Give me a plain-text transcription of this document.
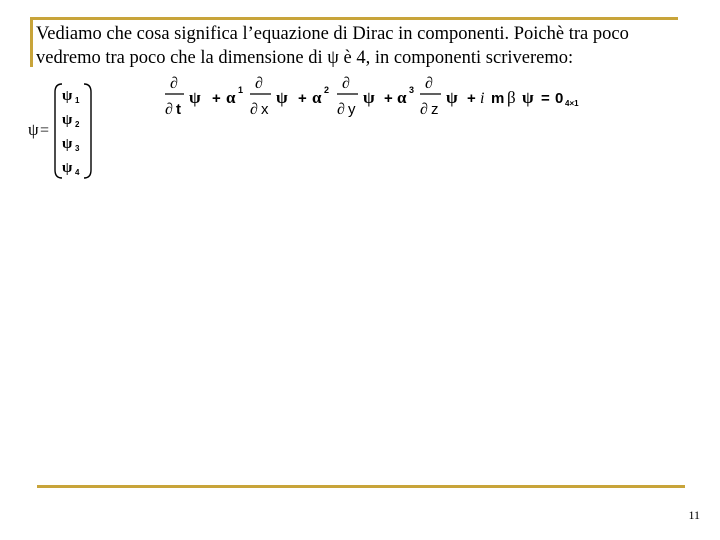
Vediamo che cosa significa l’equazione di Dirac in componenti. Poichè tra poco
vedremo tra poco che la dimensione di ψ è 4, in componenti scriveremo:

ψ =
ψ 1
ψ 2
ψ 3
ψ 4
∂
∂ t
ψ + α 1 ∂
∂ x
ψ + α 2 ∂
∂ y
ψ + α 3 ∂
∂ z
ψ + i m β ψ = 0 4×1
11
